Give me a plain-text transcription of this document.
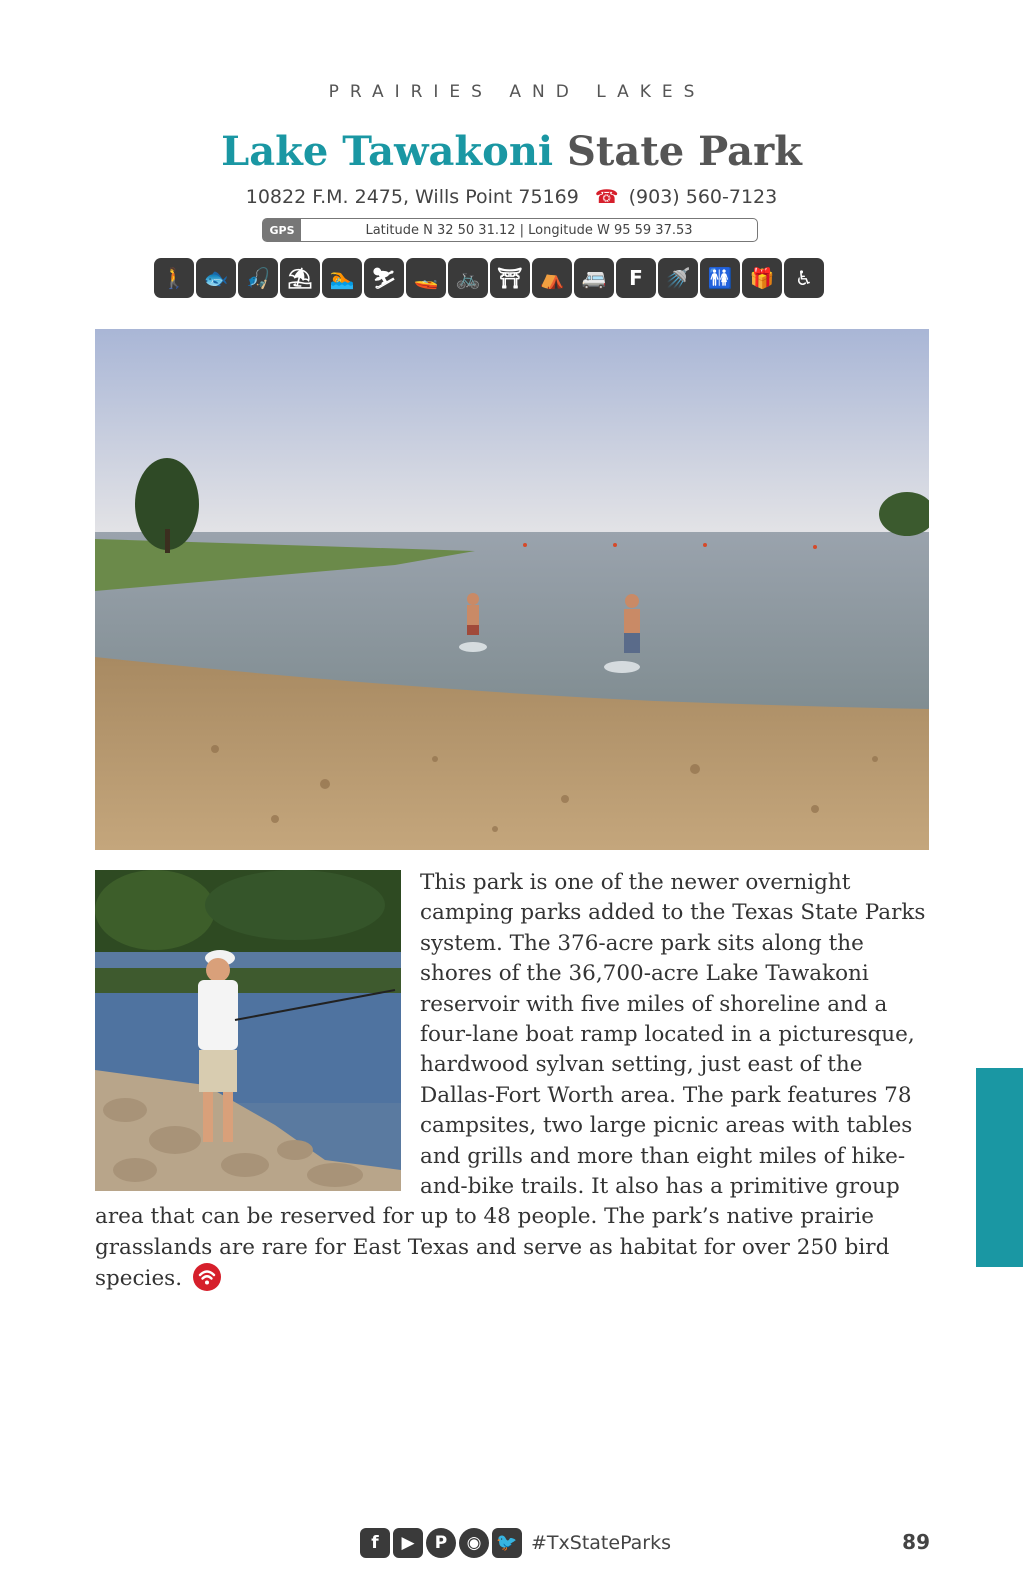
PRAIRIES AND LAKES
Lake Tawakoni State Park
10822 F.M. 2475, Wills Point 75169 ☎ (903) 560-7123
GPS	Latitude N 32 50 31.12 | Longitude W 95 59 37.53
🚶 🐟 🎣 ⛱ 🏊 ⛷ 🚤 🚲 ⛩ ⛺ 🚐	F	🚿 🚻 🎁	♿
This park is one of the newer overnight camping parks added to the Texas State Parks system. The 376-acre park sits along the shores of the 36,700-acre Lake Tawakoni reservoir with five miles of shoreline and a four-lane boat ramp located in a picturesque, hardwood sylvan setting, just east of the Dallas-Fort Worth area. The park features 78 campsites, two large picnic areas with tables and grills and more than eight miles of hike-and-bike trails. It also has a primitive group area that can be reserved for up to 48 people. The park’s native prairie grasslands are rare for East Texas and serve as habitat for over 250 bird species.
f	▶	P	◉ 🐦 #TxStateParks	89
